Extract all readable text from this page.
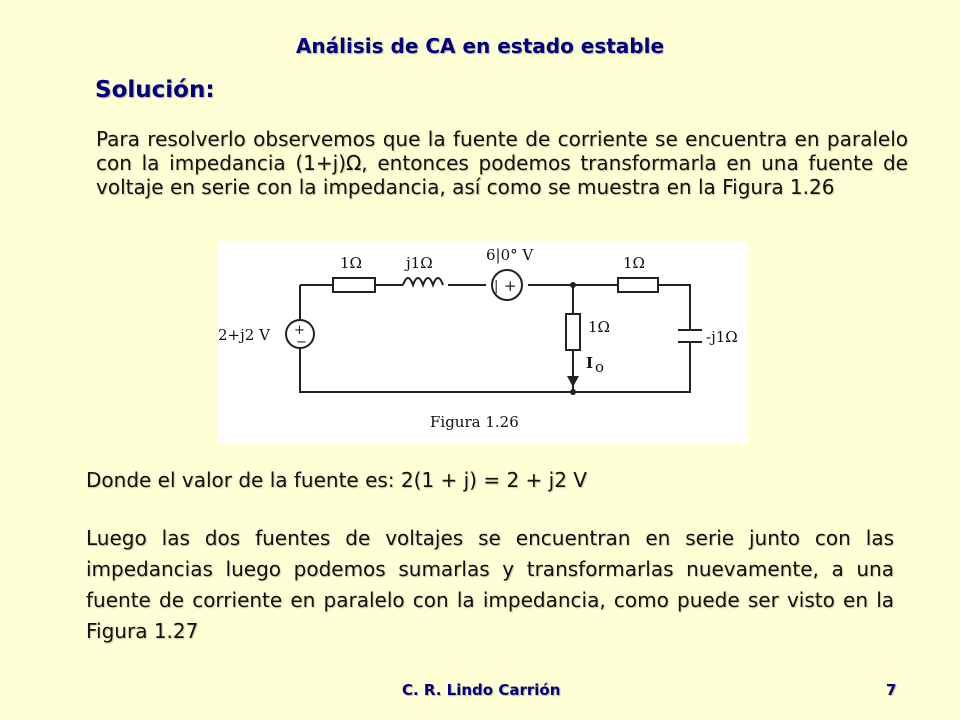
Análisis de CA en estado estable
Solución:
Para resolverlo observemos que la fuente de corriente se encuentra en paralelo con la impedancia (1+j)Ω, entonces podemos transformarla en una fuente de voltaje en serie con la impedancia, así como se muestra en la Figura 1.26
| +
+
−
1Ω	j1Ω	6|0° V	1Ω
2+j2 V	1Ω
I o
-j1Ω
Figura 1.26
Donde el valor de la fuente es: 2(1 + j) = 2 + j2 V
Luego las dos fuentes de voltajes se encuentran en serie junto con las impedancias luego podemos sumarlas y transformarlas nuevamente, a una fuente de corriente en paralelo con la impedancia, como puede ser visto en la Figura 1.27
C. R. Lindo Carrión	7
